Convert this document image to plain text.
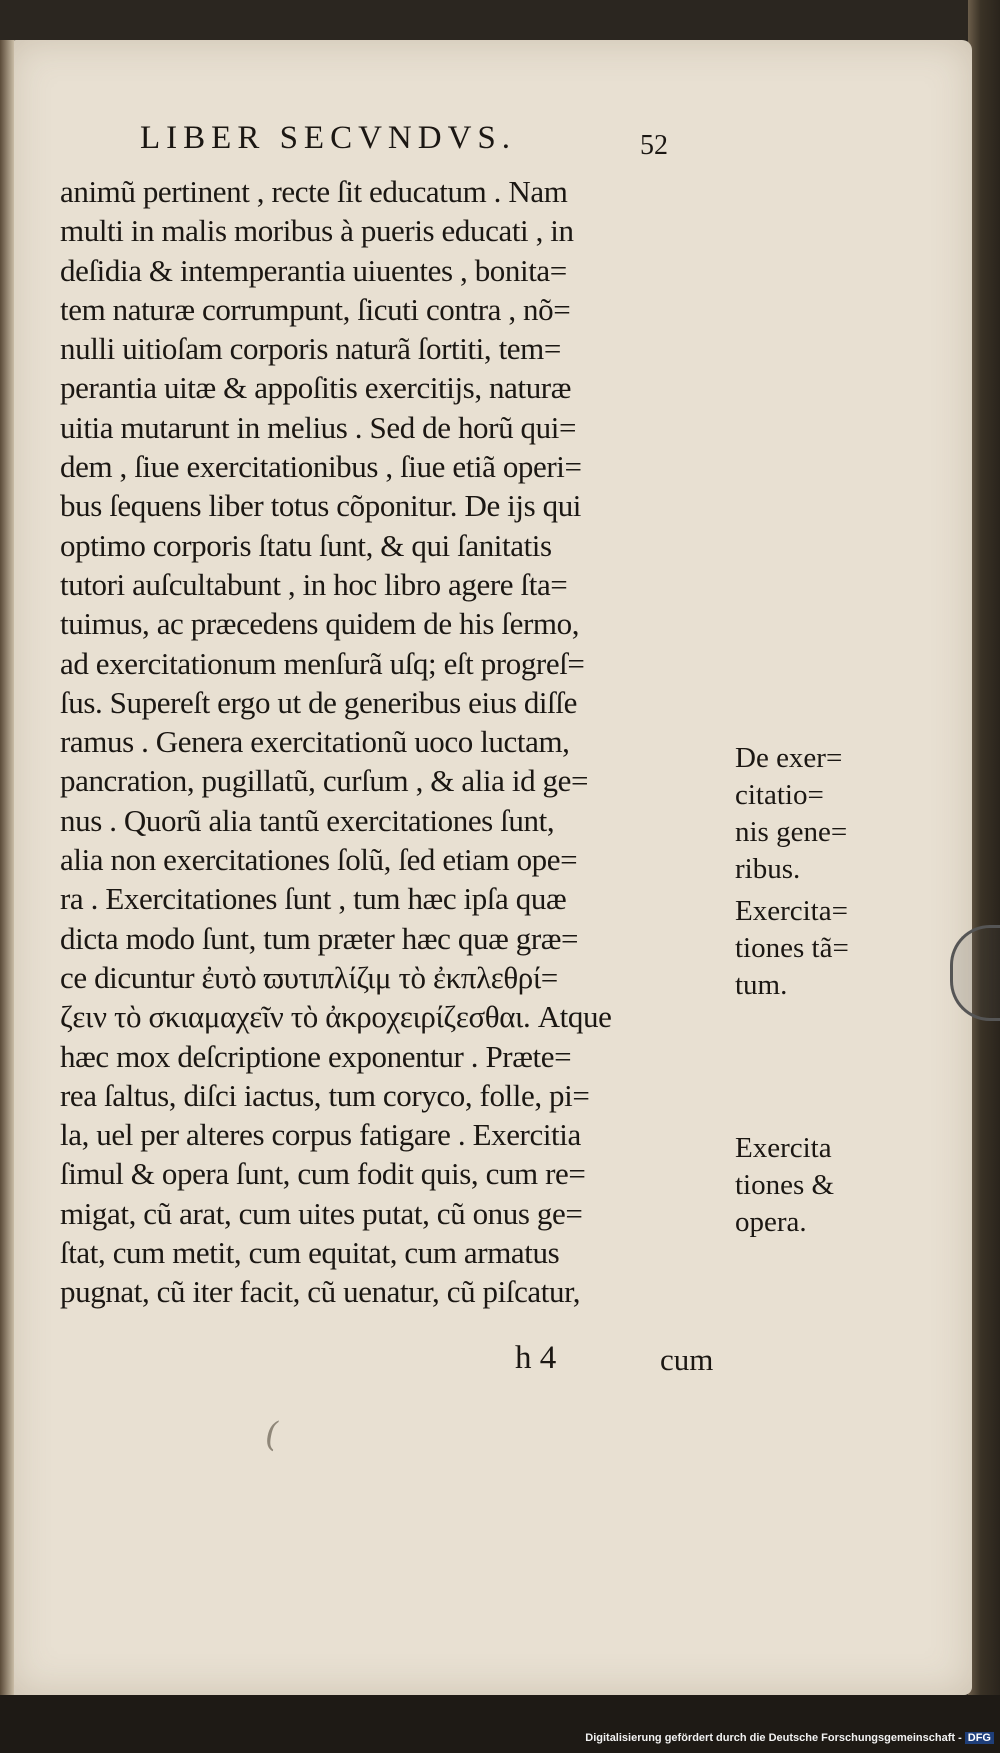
LIBER SECVNDVS.	52
animũ pertinent , recte ſit educatum . Nam
multi in malis moribus à pueris educati , in
deſidia & intemperantia uiuentes , bonita=
tem naturæ corrumpunt, ſicuti contra , nõ=
nulli uitioſam corporis naturã ſortiti, tem=
perantia uitæ & appoſitis exercitijs, naturæ
uitia mutarunt in melius . Sed de horũ qui=
dem , ſiue exercitationibus , ſiue etiã operi=
bus ſequens liber totus cõponitur. De ijs qui
optimo corporis ſtatu ſunt, & qui ſanitatis
tutori auſcultabunt , in hoc libro agere ſta=
tuimus, ac præcedens quidem de his ſermo,
ad exercitationum menſurã uſq; eſt progreſ=
ſus. Supereſt ergo ut de generibus eius diſſe
ramus . Genera exercitationũ uoco luctam,
pancration, pugillatũ, curſum , & alia id ge=
nus . Quorũ alia tantũ exercitationes ſunt,
alia non exercitationes ſolũ, ſed etiam ope=
ra . Exercitationes ſunt , tum hæc ipſa quæ
dicta modo ſunt, tum præter hæc quæ græ=
ce dicuntur ἐυτὸ ϖυτιπλίζιμ τὸ ἐκπλεθρί=
ζειν τὸ σκιαμαχεῖν τὸ ἀκροχειρίζεσθαι. Atque
hæc mox deſcriptione exponentur . Præte=
rea ſaltus, diſci iactus, tum coryco, folle, pi=
la, uel per alteres corpus fatigare . Exercitia
ſimul & opera ſunt, cum fodit quis, cum re=
migat, cũ arat, cum uites putat, cũ onus ge=
ſtat, cum metit, cum equitat, cum armatus
pugnat, cũ iter facit, cũ uenatur, cũ piſcatur,
De exer=
citatio=
nis gene=
ribus.
Exercita=
tiones tã=
tum.
Exercita
tiones &
opera.
h 4	cum
(
Digitalisierung gefördert durch die Deutsche Forschungsgemeinschaft - DFG
